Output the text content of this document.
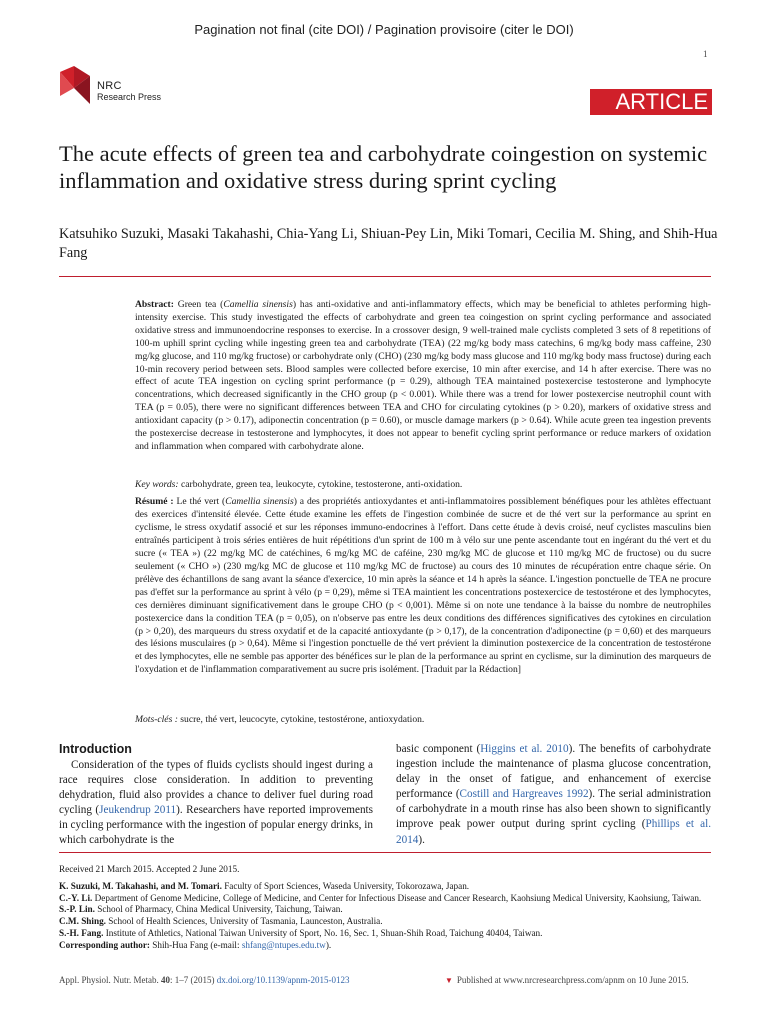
Pagination not final (cite DOI) / Pagination provisoire (citer le DOI)
1
NRC
Research Press	ARTICLE
The acute effects of green tea and carbohydrate coingestion on systemic inflammation and oxidative stress during sprint cycling
Katsuhiko Suzuki, Masaki Takahashi, Chia-Yang Li, Shiuan-Pey Lin, Miki Tomari, Cecilia M. Shing, and Shih-Hua Fang
Abstract: Green tea (Camellia sinensis) has anti-oxidative and anti-inflammatory effects, which may be beneficial to athletes performing high-intensity exercise. This study investigated the effects of carbohydrate and green tea coingestion on sprint cycling performance and associated oxidative stress and immunoendocrine responses to exercise. In a crossover design, 9 well-trained male cyclists completed 3 sets of 8 repetitions of 100-m uphill sprint cycling while ingesting green tea and carbohydrate (TEA) (22 mg/kg body mass catechins, 6 mg/kg body mass caffeine, 230 mg/kg glucose, and 110 mg/kg fructose) or carbohydrate only (CHO) (230 mg/kg body mass glucose and 110 mg/kg body mass fructose) during each 10-min recovery period between sets. Blood samples were collected before exercise, 10 min after exercise, and 14 h after exercise. There was no effect of acute TEA ingestion on cycling sprint performance (p = 0.29), although TEA maintained postexercise testosterone and lymphocyte concentrations, which decreased significantly in the CHO group (p < 0.001). While there was a trend for lower postexercise neutrophil count with TEA (p = 0.05), there were no significant differences between TEA and CHO for circulating cytokines (p > 0.20), markers of oxidative stress and antioxidant capacity (p > 0.17), adiponectin concentration (p = 0.60), or muscle damage markers (p > 0.64). While acute green tea ingestion prevents the postexercise decrease in testosterone and lymphocytes, it does not appear to benefit cycling sprint performance or reduce markers of oxidation and inflammation when compared with carbohydrate alone.
Key words: carbohydrate, green tea, leukocyte, cytokine, testosterone, anti-oxidation.
Résumé : Le thé vert (Camellia sinensis) a des propriétés antioxydantes et anti-inflammatoires possiblement bénéfiques pour les athlètes effectuant des exercices d'intensité élevée. Cette étude examine les effets de l'ingestion combinée de sucre et de thé vert sur la performance au sprint en cyclisme, le stress oxydatif associé et sur les réponses immuno-endocrines à l'effort. Dans cette étude à devis croisé, neuf cyclistes masculins bien entraînés participent à trois séries entières de huit répétitions d'un sprint de 100 m à vélo sur une pente ascendante tout en ingérant du thé vert et du sucre (« TEA ») (22 mg/kg MC de catéchines, 6 mg/kg MC de caféine, 230 mg/kg MC de glucose et 110 mg/kg MC de fructose) ou du sucre seulement (« CHO ») (230 mg/kg MC de glucose et 110 mg/kg MC de fructose) au cours des 10 minutes de récupération entre chaque série. On prélève des échantillons de sang avant la séance d'exercice, 10 min après la séance et 14 h après la séance. L'ingestion ponctuelle de TEA ne procure pas d'effet sur la performance au sprint à vélo (p = 0,29), même si TEA maintient les concentrations postexercice de testostérone et des lymphocytes, ces dernières diminuant significativement dans le groupe CHO (p < 0,001). Même si on note une tendance à la baisse du nombre de neutrophiles postexercice dans la condition TEA (p = 0,05), on n'observe pas entre les deux conditions des différences significatives des cytokines en circulation (p > 0,20), des marqueurs du stress oxydatif et de la capacité antioxydante (p > 0,17), de la concentration d'adiponectine (p = 0,60) et des marqueurs des lésions musculaires (p > 0,64). Même si l'ingestion ponctuelle de thé vert prévient la diminution postexercice de la concentration de testostérone et des lymphocytes, elle ne semble pas apporter des bénéfices sur le plan de la performance au sprint en cyclisme, sur la diminution des marqueurs de l'oxydation et de l'inflammation comparativement au sucre pris isolément. [Traduit par la Rédaction]
Mots-clés : sucre, thé vert, leucocyte, cytokine, testostérone, antioxydation.
Introduction

Consideration of the types of fluids cyclists should ingest during a race requires close consideration. In addition to preventing dehydration, fluid also provides a chance to deliver fuel during road cycling (Jeukendrup 2011). Researchers have reported improvements in cycling performance with the ingestion of popular energy drinks, in which carbohydrate is the

basic component (Higgins et al. 2010). The benefits of carbohydrate ingestion include the maintenance of plasma glucose concentration, delay in the onset of fatigue, and enhancement of exercise performance (Costill and Hargreaves 1992). The serial administration of carbohydrate in a mouth rinse has also been shown to significantly improve peak power output during sprint cycling (Phillips et al. 2014).

Received 21 March 2015. Accepted 2 June 2015.
K. Suzuki, M. Takahashi, and M. Tomari. Faculty of Sport Sciences, Waseda University, Tokorozawa, Japan.
C.-Y. Li. Department of Genome Medicine, College of Medicine, and Center for Infectious Disease and Cancer Research, Kaohsiung Medical University, Kaohsiung, Taiwan.
S.-P. Lin. School of Pharmacy, China Medical University, Taichung, Taiwan.
C.M. Shing. School of Health Sciences, University of Tasmania, Launceston, Australia.
S.-H. Fang. Institute of Athletics, National Taiwan University of Sport, No. 16, Sec. 1, Shuan-Shih Road, Taichung 40404, Taiwan.
Corresponding author: Shih-Hua Fang (e-mail: shfang@ntupes.edu.tw).
Appl. Physiol. Nutr. Metab. 40: 1–7 (2015) dx.doi.org/10.1139/apnm-2015-0123	▼ Published at www.nrcresearchpress.com/apnm on 10 June 2015.
